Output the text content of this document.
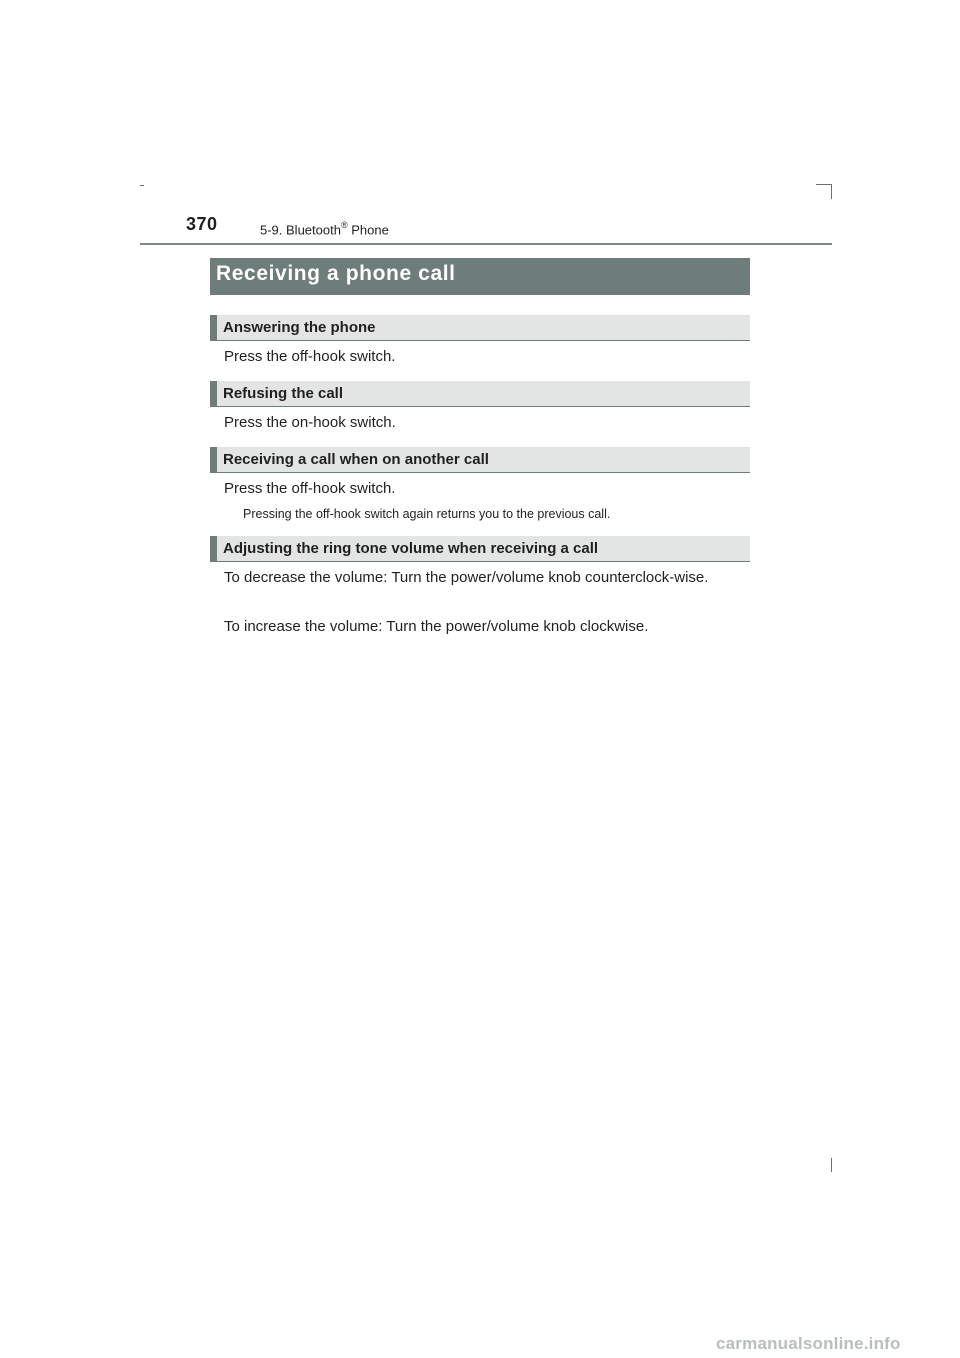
370	5-9. Bluetooth® Phone
Receiving a phone call
Answering the phone
Press the off-hook switch.
Refusing the call
Press the on-hook switch.
Receiving a call when on another call
Press the off-hook switch.
Pressing the off-hook switch again returns you to the previous call.
Adjusting the ring tone volume when receiving a call
To decrease the volume: Turn the power/volume knob counterclock-wise.
To increase the volume: Turn the power/volume knob clockwise.
carmanualsonline.info
